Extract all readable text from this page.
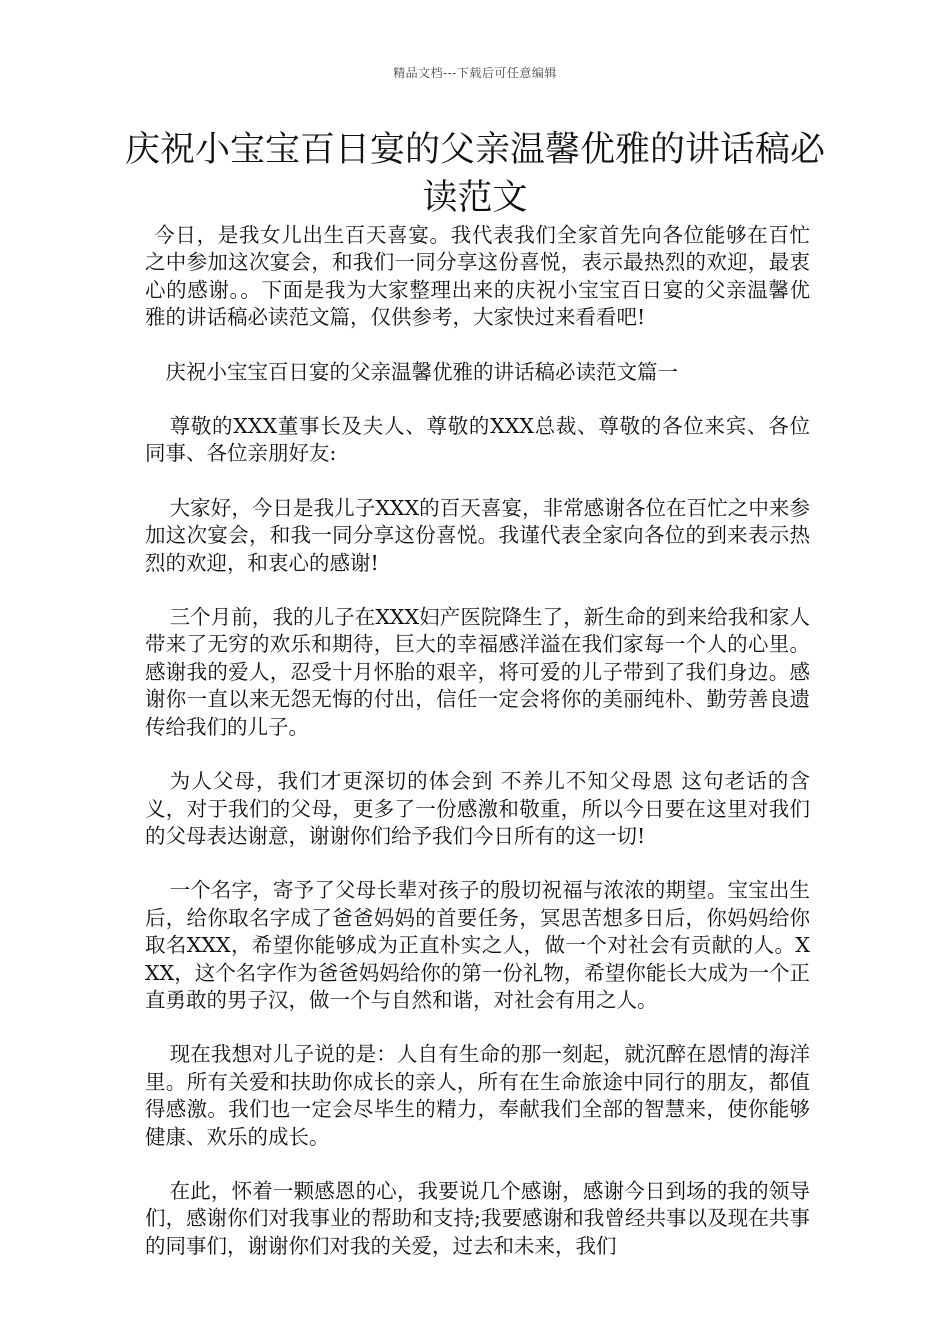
精品文档---下载后可任意编辑
庆祝小宝宝百日宴的父亲温馨优雅的讲话稿必读范文

今日，是我女儿出生百天喜宴。我代表我们全家首先向各位能够在百忙之中参加这次宴会，和我们一同分享这份喜悦，表示最热烈的欢迎，最衷心的感谢。。下面是我为大家整理出来的庆祝小宝宝百日宴的父亲温馨优雅的讲话稿必读范文篇，仅供参考，大家快过来看看吧!

庆祝小宝宝百日宴的父亲温馨优雅的讲话稿必读范文篇一

尊敬的XXX董事长及夫人、尊敬的XXX总裁、尊敬的各位来宾、各位同事、各位亲朋好友:

大家好，今日是我儿子XXX的百天喜宴，非常感谢各位在百忙之中来参加这次宴会，和我一同分享这份喜悦。我谨代表全家向各位的到来表示热烈的欢迎，和衷心的感谢!

三个月前，我的儿子在XXX妇产医院降生了，新生命的到来给我和家人带来了无穷的欢乐和期待，巨大的幸福感洋溢在我们家每一个人的心里。感谢我的爱人，忍受十月怀胎的艰辛，将可爱的儿子带到了我们身边。感谢你一直以来无怨无悔的付出，信任一定会将你的美丽纯朴、勤劳善良遗传给我们的儿子。

为人父母，我们才更深切的体会到 不养儿不知父母恩 这句老话的含义，对于我们的父母，更多了一份感激和敬重，所以今日要在这里对我们的父母表达谢意，谢谢你们给予我们今日所有的这一切!

一个名字，寄予了父母长辈对孩子的殷切祝福与浓浓的期望。宝宝出生后，给你取名字成了爸爸妈妈的首要任务，冥思苦想多日后，你妈妈给你取名XXX，希望你能够成为正直朴实之人，做一个对社会有贡献的人。XXX，这个名字作为爸爸妈妈给你的第一份礼物，希望你能长大成为一个正直勇敢的男子汉，做一个与自然和谐，对社会有用之人。

现在我想对儿子说的是：人自有生命的那一刻起，就沉醉在恩情的海洋里。所有关爱和扶助你成长的亲人，所有在生命旅途中同行的朋友，都值得感激。我们也一定会尽毕生的精力，奉献我们全部的智慧来，使你能够健康、欢乐的成长。

在此，怀着一颗感恩的心，我要说几个感谢，感谢今日到场的我的领导们，感谢你们对我事业的帮助和支持;我要感谢和我曾经共事以及现在共事的同事们，谢谢你们对我的关爱，过去和未来，我们
